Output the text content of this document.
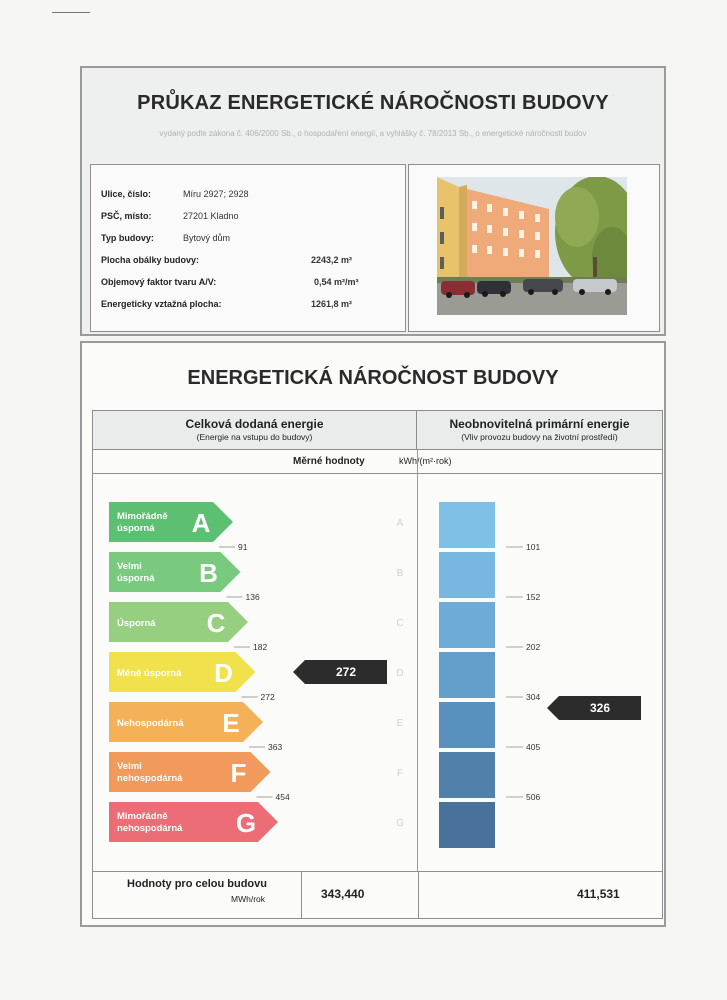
PRŮKAZ ENERGETICKÉ NÁROČNOSTI BUDOVY
vydaný podle zákona č. 406/2000 Sb., o hospodaření energií, a vyhlášky č. 78/2013 Sb., o energetické náročnosti budov
Ulice, číslo:	Míru 2927; 2928
PSČ, místo:	27201 Kladno
Typ budovy:	Bytový dům
Plocha obálky budovy:	2243,2 m²
Objemový faktor tvaru A/V:	0,54 m²/m³
Energeticky vztažná plocha:	1261,8 m²
ENERGETICKÁ NÁROČNOST BUDOVY
Celková dodaná energie
(Energie na vstupu do budovy)
Neobnovitelná primární energie
(Vliv provozu budovy na životní prostředí)
Měrné hodnoty	kWh/(m²·rok)
Mimořádně
úsporná A
91
Velmi
úsporná B
136
Úsporná C
182
Méně úsporná D
272
Nehospodárná E
363
Velmi
nehospodárná F
454
Mimořádně
nehospodárná G
272
A
B
C
D
E
F
G
101
152
202
304
405
506
326
Hodnoty pro celou budovu
MWh/rok	343,440	411,531
